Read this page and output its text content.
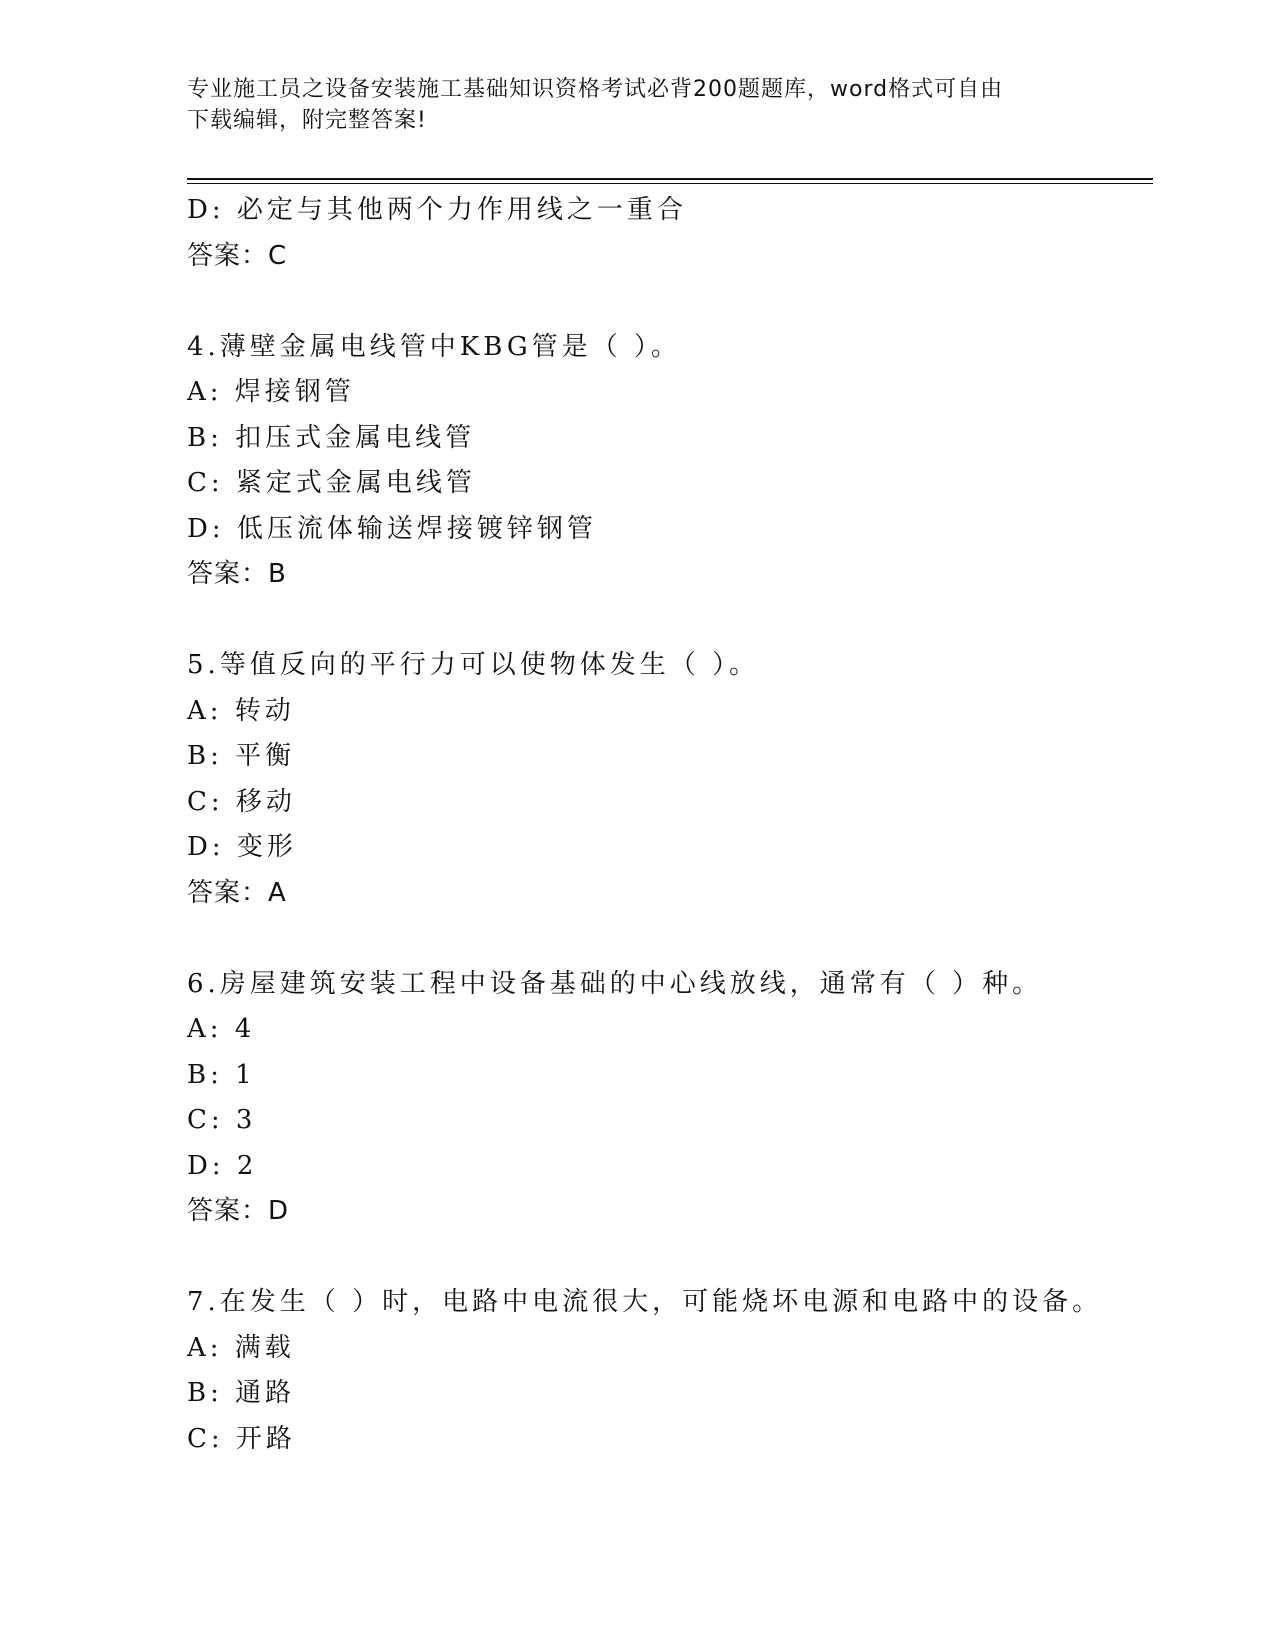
专业施工员之设备安装施工基础知识资格考试必背200题题库，word格式可自由
下载编辑，附完整答案!
D: 必定与其他两个力作用线之一重合
答案：C
4.薄壁金属电线管中KBG管是（ ）。
A: 焊接钢管
B: 扣压式金属电线管
C: 紧定式金属电线管
D: 低压流体输送焊接镀锌钢管
答案：B
5.等值反向的平行力可以使物体发生（ ）。
A: 转动
B: 平衡
C: 移动
D: 变形
答案：A
6.房屋建筑安装工程中设备基础的中心线放线，通常有（ ）种。
A: 4
B: 1
C: 3
D: 2
答案：D
7.在发生（ ）时，电路中电流很大，可能烧坏电源和电路中的设备。
A: 满载
B: 通路
C: 开路
